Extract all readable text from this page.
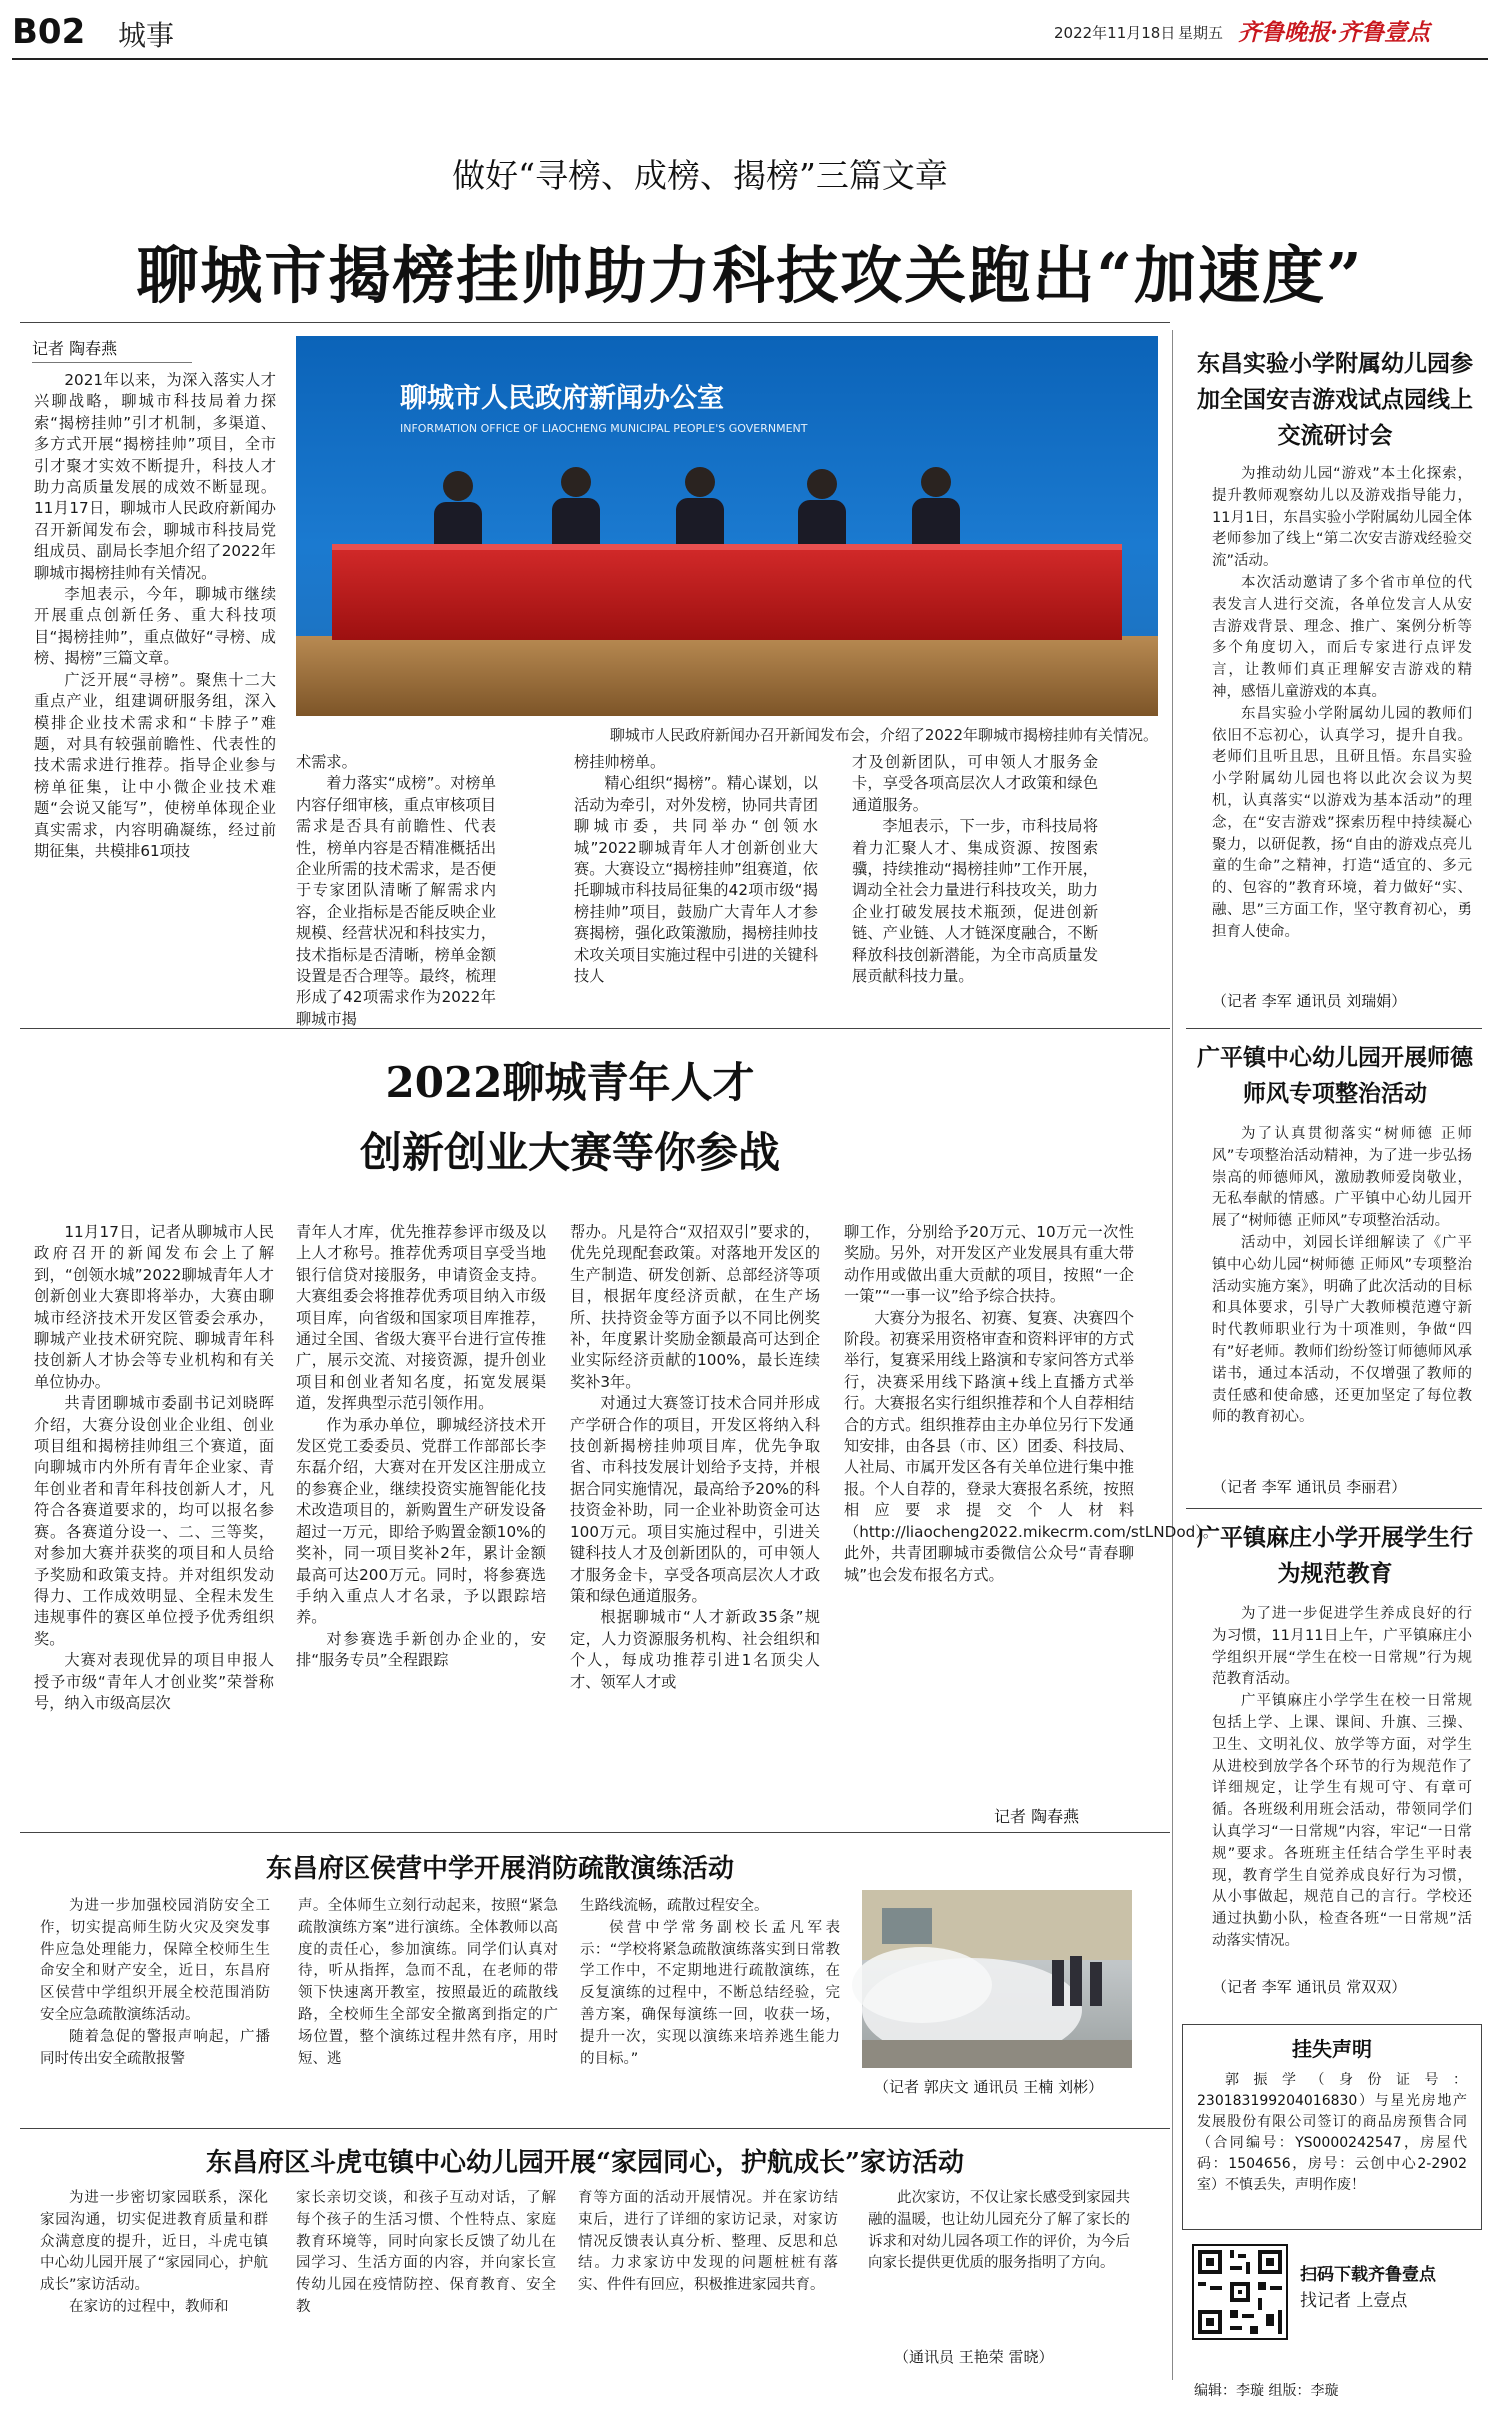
B02 城事	2022年11月18日 星期五 齐鲁晚报·齐鲁壹点
做好“寻榜、成榜、揭榜”三篇文章
聊城市揭榜挂帅助力科技攻关跑出“加速度”
记者 陶春燕

2021年以来，为深入落实人才兴聊战略，聊城市科技局着力探索“揭榜挂帅”引才机制，多渠道、多方式开展“揭榜挂帅”项目，全市引才聚才实效不断提升，科技人才助力高质量发展的成效不断显现。11月17日，聊城市人民政府新闻办召开新闻发布会，聊城市科技局党组成员、副局长李旭介绍了2022年聊城市揭榜挂帅有关情况。

李旭表示，今年，聊城市继续开展重点创新任务、重大科技项目“揭榜挂帅”，重点做好“寻榜、成榜、揭榜”三篇文章。

广泛开展“寻榜”。聚焦十二大重点产业，组建调研服务组，深入模排企业技术需求和“卡脖子”难题，对具有较强前瞻性、代表性的技术需求进行推荐。指导企业参与榜单征集，让中小微企业技术难题“会说又能写”，使榜单体现企业真实需求，内容明确凝练，经过前期征集，共模排61项技

聊城市人民政府新闻办公室
INFORMATION OFFICE OF LIAOCHENG MUNICIPAL PEOPLE'S GOVERNMENT
聊城市人民政府新闻办召开新闻发布会，介绍了2022年聊城市揭榜挂帅有关情况。
术需求。

着力落实“成榜”。对榜单内容仔细审核，重点审核项目需求是否具有前瞻性、代表性，榜单内容是否精准概括出企业所需的技术需求，是否便于专家团队清晰了解需求内容，企业指标是否能反映企业规模、经营状况和科技实力，技术指标是否清晰，榜单金额设置是否合理等。最终，梳理形成了42项需求作为2022年聊城市揭

榜挂帅榜单。

精心组织“揭榜”。精心谋划，以活动为牵引，对外发榜，协同共青团聊城市委，共同举办“创领水城”2022聊城青年人才创新创业大赛。大赛设立“揭榜挂帅”组赛道，依托聊城市科技局征集的42项市级“揭榜挂帅”项目，鼓励广大青年人才参赛揭榜，强化政策激励，揭榜挂帅技术攻关项目实施过程中引进的关键科技人

才及创新团队，可申领人才服务金卡，享受各项高层次人才政策和绿色通道服务。

李旭表示，下一步，市科技局将着力汇聚人才、集成资源、按图索骥，持续推动“揭榜挂帅”工作开展，调动全社会力量进行科技攻关，助力企业打破发展技术瓶颈，促进创新链、产业链、人才链深度融合，不断释放科技创新潜能，为全市高质量发展贡献科技力量。

2022聊城青年人才
创新创业大赛等你参战

11月17日，记者从聊城市人民政府召开的新闻发布会上了解到，“创领水城”2022聊城青年人才创新创业大赛即将举办，大赛由聊城市经济技术开发区管委会承办，聊城产业技术研究院、聊城青年科技创新人才协会等专业机构和有关单位协办。

共青团聊城市委副书记刘晓晖介绍，大赛分设创业企业组、创业项目组和揭榜挂帅组三个赛道，面向聊城市内外所有青年企业家、青年创业者和青年科技创新人才，凡符合各赛道要求的，均可以报名参赛。各赛道分设一、二、三等奖，对参加大赛并获奖的项目和人员给予奖励和政策支持。并对组织发动得力、工作成效明显、全程未发生违规事件的赛区单位授予优秀组织奖。

大赛对表现优异的项目申报人授予市级“青年人才创业奖”荣誉称号，纳入市级高层次

青年人才库，优先推荐参评市级及以上人才称号。推荐优秀项目享受当地银行信贷对接服务，申请资金支持。大赛组委会将推荐优秀项目纳入市级项目库，向省级和国家项目库推荐，通过全国、省级大赛平台进行宣传推广，展示交流、对接资源，提升创业项目和创业者知名度，拓宽发展渠道，发挥典型示范引领作用。

作为承办单位，聊城经济技术开发区党工委委员、党群工作部部长李东磊介绍，大赛对在开发区注册成立的参赛企业，继续投资实施智能化技术改造项目的，新购置生产研发设备超过一万元，即给予购置金额10%的奖补，同一项目奖补2年，累计金额最高可达200万元。同时，将参赛选手纳入重点人才名录，予以跟踪培养。

对参赛选手新创办企业的，安排“服务专员”全程跟踪

帮办。凡是符合“双招双引”要求的，优先兑现配套政策。对落地开发区的生产制造、研发创新、总部经济等项目，根据年度经济贡献，在生产场所、扶持资金等方面予以不同比例奖补，年度累计奖励金额最高可达到企业实际经济贡献的100%，最长连续奖补3年。

对通过大赛签订技术合同并形成产学研合作的项目，开发区将纳入科技创新揭榜挂帅项目库，优先争取省、市科技发展计划给予支持，并根据合同实施情况，最高给予20%的科技资金补助，同一企业补助资金可达100万元。项目实施过程中，引进关键科技人才及创新团队的，可申领人才服务金卡，享受各项高层次人才政策和绿色通道服务。

根据聊城市“人才新政35条”规定，人力资源服务机构、社会组织和个人，每成功推荐引进1名顶尖人才、领军人才或

聊工作，分别给予20万元、10万元一次性奖励。另外，对开发区产业发展具有重大带动作用或做出重大贡献的项目，按照“一企一策”“一事一议”给予综合扶持。

大赛分为报名、初赛、复赛、决赛四个阶段。初赛采用资格审查和资料评审的方式举行，复赛采用线上路演和专家问答方式举行，决赛采用线下路演+线上直播方式举行。大赛报名实行组织推荐和个人自荐相结合的方式。组织推荐由主办单位另行下发通知安排，由各县（市、区）团委、科技局、人社局、市属开发区各有关单位进行集中推报。个人自荐的，登录大赛报名系统，按照相应要求提交个人材料（http://liaocheng2022.mikecrm.com/stLNDod）。此外，共青团聊城市委微信公众号“青春聊城”也会发布报名方式。

记者 陶春燕
东昌府区侯营中学开展消防疏散演练活动

为进一步加强校园消防安全工作，切实提高师生防火灾及突发事件应急处理能力，保障全校师生生命安全和财产安全，近日，东昌府区侯营中学组织开展全校范围消防安全应急疏散演练活动。

随着急促的警报声响起，广播同时传出安全疏散报警

声。全体师生立刻行动起来，按照“紧急疏散演练方案”进行演练。全体教师以高度的责任心，参加演练。同学们认真对待，听从指挥，急而不乱，在老师的带领下快速离开教室，按照最近的疏散线路，全校师生全部安全撤离到指定的广场位置，整个演练过程井然有序，用时短、逃
生路线流畅，疏散过程安全。

侯营中学常务副校长孟凡军表示：“学校将紧急疏散演练落实到日常教学工作中，不定期地进行疏散演练，在反复演练的过程中，不断总结经验，完善方案，确保每演练一回，收获一场，提升一次，实现以演练来培养逃生能力的目标。”

（记者 郭庆文 通讯员 王楠 刘彬）
东昌府区斗虎屯镇中心幼儿园开展“家园同心，护航成长”家访活动

为进一步密切家园联系，深化家园沟通，切实促进教育质量和群众满意度的提升，近日，斗虎屯镇中心幼儿园开展了“家园同心，护航成长”家访活动。

在家访的过程中，教师和

家长亲切交谈，和孩子互动对话，了解每个孩子的生活习惯、个性特点、家庭教育环境等，同时向家长反馈了幼儿在园学习、生活方面的内容，并向家长宣传幼儿园在疫情防控、保育教育、安全教
育等方面的活动开展情况。并在家访结束后，进行了详细的家访记录，对家访情况反馈表认真分析、整理、反思和总结。力求家访中发现的问题桩桩有落实、件件有回应，积极推进家园共育。

此次家访，不仅让家长感受到家园共融的温暖，也让幼儿园充分了解了家长的诉求和对幼儿园各项工作的评价，为今后向家长提供更优质的服务指明了方向。

（通讯员 王艳荣 雷晓）
东昌实验小学附属幼儿园参加全国安吉游戏试点园线上交流研讨会

为推动幼儿园“游戏”本土化探索，提升教师观察幼儿以及游戏指导能力，11月1日，东昌实验小学附属幼儿园全体老师参加了线上“第二次安吉游戏经验交流”活动。

本次活动邀请了多个省市单位的代表发言人进行交流，各单位发言人从安吉游戏背景、理念、推广、案例分析等多个角度切入，而后专家进行点评发言，让教师们真正理解安吉游戏的精神，感悟儿童游戏的本真。

东昌实验小学附属幼儿园的教师们依旧不忘初心，认真学习，提升自我。老师们且听且思，且研且悟。东昌实验小学附属幼儿园也将以此次会议为契机，认真落实“以游戏为基本活动”的理念，在“安吉游戏”探索历程中持续凝心聚力，以研促教，扬“自由的游戏点亮儿童的生命”之精神，打造“适宜的、多元的、包容的”教育环境，着力做好“实、融、思”三方面工作，坚守教育初心，勇担育人使命。

（记者 李军 通讯员 刘瑞娟）
广平镇中心幼儿园开展师德师风专项整治活动

为了认真贯彻落实“树师德 正师风”专项整治活动精神，为了进一步弘扬崇高的师德师风，激励教师爱岗敬业，无私奉献的情感。广平镇中心幼儿园开展了“树师德 正师风”专项整治活动。

活动中，刘园长详细解读了《广平镇中心幼儿园“树师德 正师风”专项整治活动实施方案》，明确了此次活动的目标和具体要求，引导广大教师模范遵守新时代教师职业行为十项准则，争做“四有”好老师。教师们纷纷签订师德师风承诺书，通过本活动，不仅增强了教师的责任感和使命感，还更加坚定了每位教师的教育初心。

（记者 李军 通讯员 李丽君）
广平镇麻庄小学开展学生行为规范教育

为了进一步促进学生养成良好的行为习惯，11月11日上午，广平镇麻庄小学组织开展“学生在校一日常规”行为规范教育活动。

广平镇麻庄小学学生在校一日常规包括上学、上课、课间、升旗、三操、卫生、文明礼仪、放学等方面，对学生从进校到放学各个环节的行为规范作了详细规定，让学生有规可守、有章可循。各班级利用班会活动，带领同学们认真学习“一日常规”内容，牢记“一日常规”要求。各班班主任结合学生平时表现，教育学生自觉养成良好行为习惯，从小事做起，规范自己的言行。学校还通过执勤小队，检查各班“一日常规”活动落实情况。

（记者 李军 通讯员 常双双）
挂失声明
郭振学（身份证号：230183199204016830）与星光房地产发展股份有限公司签订的商品房预售合同（合同编号：YS0000242547，房屋代码：1504656，房号：云创中心2-2902室）不慎丢失，声明作废！
扫码下载齐鲁壹点
找记者 上壹点
编辑：李璇 组版：李璇
